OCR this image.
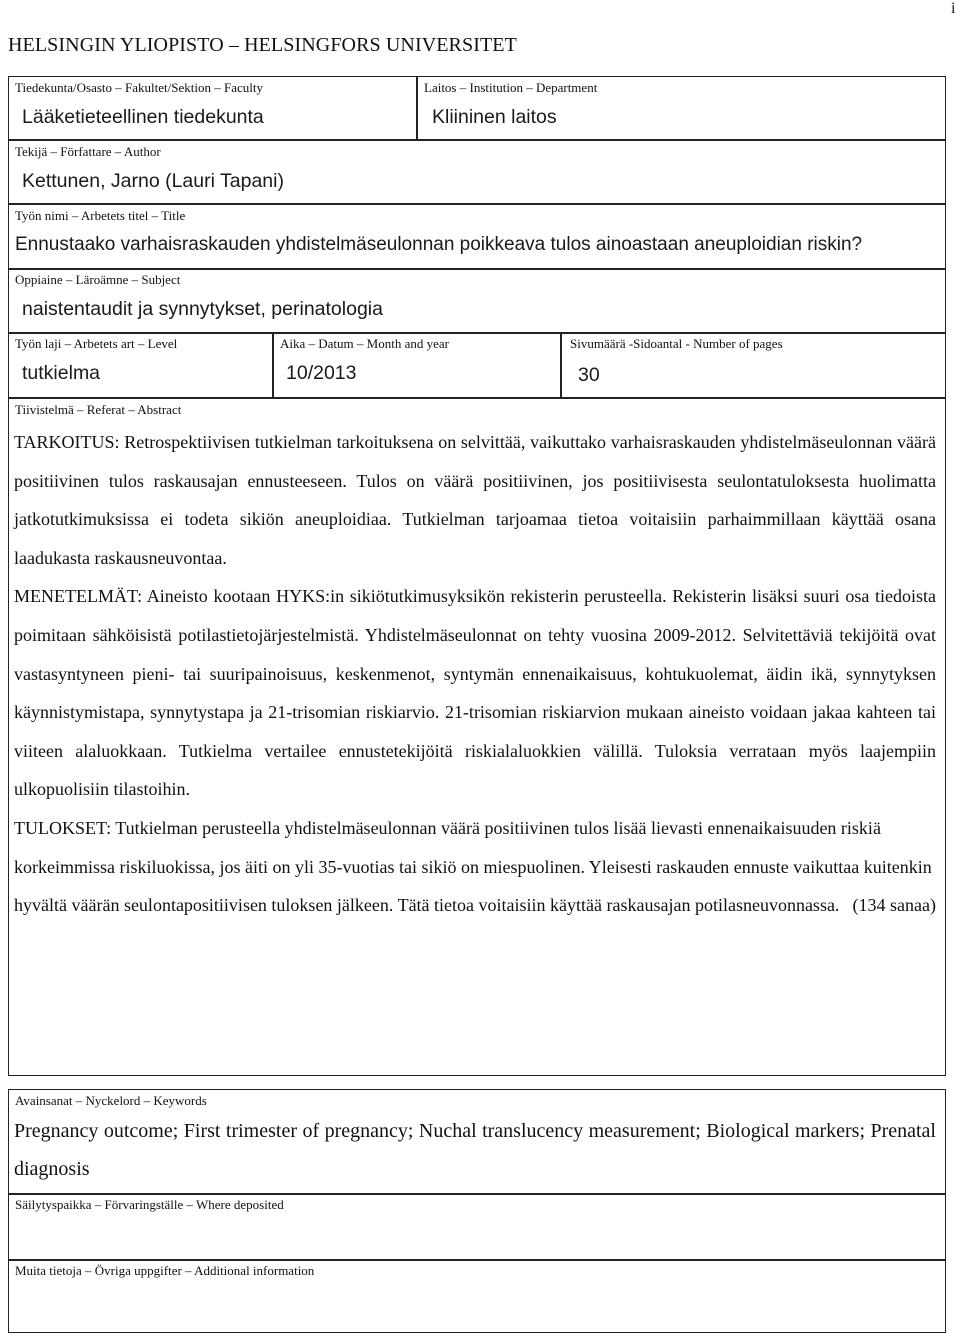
i
HELSINGIN YLIOPISTO – HELSINGFORS UNIVERSITET
Tiedekunta/Osasto – Fakultet/Sektion – Faculty
Lääketieteellinen tiedekunta
Laitos – Institution – Department
Kliininen laitos
Tekijä – Författare – Author
Kettunen, Jarno (Lauri Tapani)
Työn nimi – Arbetets titel – Title
Ennustaako varhaisraskauden yhdistelmäseulonnan poikkeava tulos ainoastaan aneuploidian riskin?
Oppiaine – Läroämne – Subject
naistentaudit ja synnytykset, perinatologia
Työn laji – Arbetets art – Level
tutkielma
Aika – Datum – Month and year
10/2013
Sivumäärä -Sidoantal - Number of pages
30
Tiivistelmä – Referat – Abstract

TARKOITUS: Retrospektiivisen tutkielman tarkoituksena on selvittää, vaikuttako varhaisraskauden yhdistelmäseulonnan väärä positiivinen tulos raskausajan ennusteeseen. Tulos on väärä positiivinen, jos positiivisesta seulontatuloksesta huolimatta jatkotutkimuksissa ei todeta sikiön aneuploidiaa. Tutkielman tarjoamaa tietoa voitaisiin parhaimmillaan käyttää osana laadukasta raskausneuvontaa.

MENETELMÄT: Aineisto kootaan HYKS:in sikiötutkimusyksikön rekisterin perusteella. Rekisterin lisäksi suuri osa tiedoista poimitaan sähköisistä potilastietojärjestelmistä. Yhdistelmäseulonnat on tehty vuosina 2009-2012. Selvitettäviä tekijöitä ovat vastasyntyneen pieni- tai suuripainoisuus, keskenmenot, syntymän ennenaikaisuus, kohtukuolemat, äidin ikä, synnytyksen käynnistymistapa, synnytystapa ja 21-trisomian riskiarvio. 21-trisomian riskiarvion mukaan aineisto voidaan jakaa kahteen tai viiteen alaluokkaan. Tutkielma vertailee ennustetekijöitä riskialaluokkien välillä. Tuloksia verrataan myös laajempiin ulkopuolisiin tilastoihin.

TULOKSET: Tutkielman perusteella yhdistelmäseulonnan väärä positiivinen tulos lisää lievasti ennenaikaisuuden riskiä korkeimmissa riskiluokissa, jos äiti on yli 35-vuotias tai sikiö on miespuolinen. Yleisesti raskauden ennuste vaikuttaa kuitenkin hyvältä väärän seulontapositiivisen tuloksen jälkeen. Tätä tietoa voitaisiin käyttää raskausajan potilasneuvonnassa. (134 sanaa)

Avainsanat – Nyckelord – Keywords
Pregnancy outcome; First trimester of pregnancy; Nuchal translucency measurement; Biological markers; Prenatal diagnosis
Säilytyspaikka – Förvaringställe – Where deposited
Muita tietoja – Övriga uppgifter – Additional information
